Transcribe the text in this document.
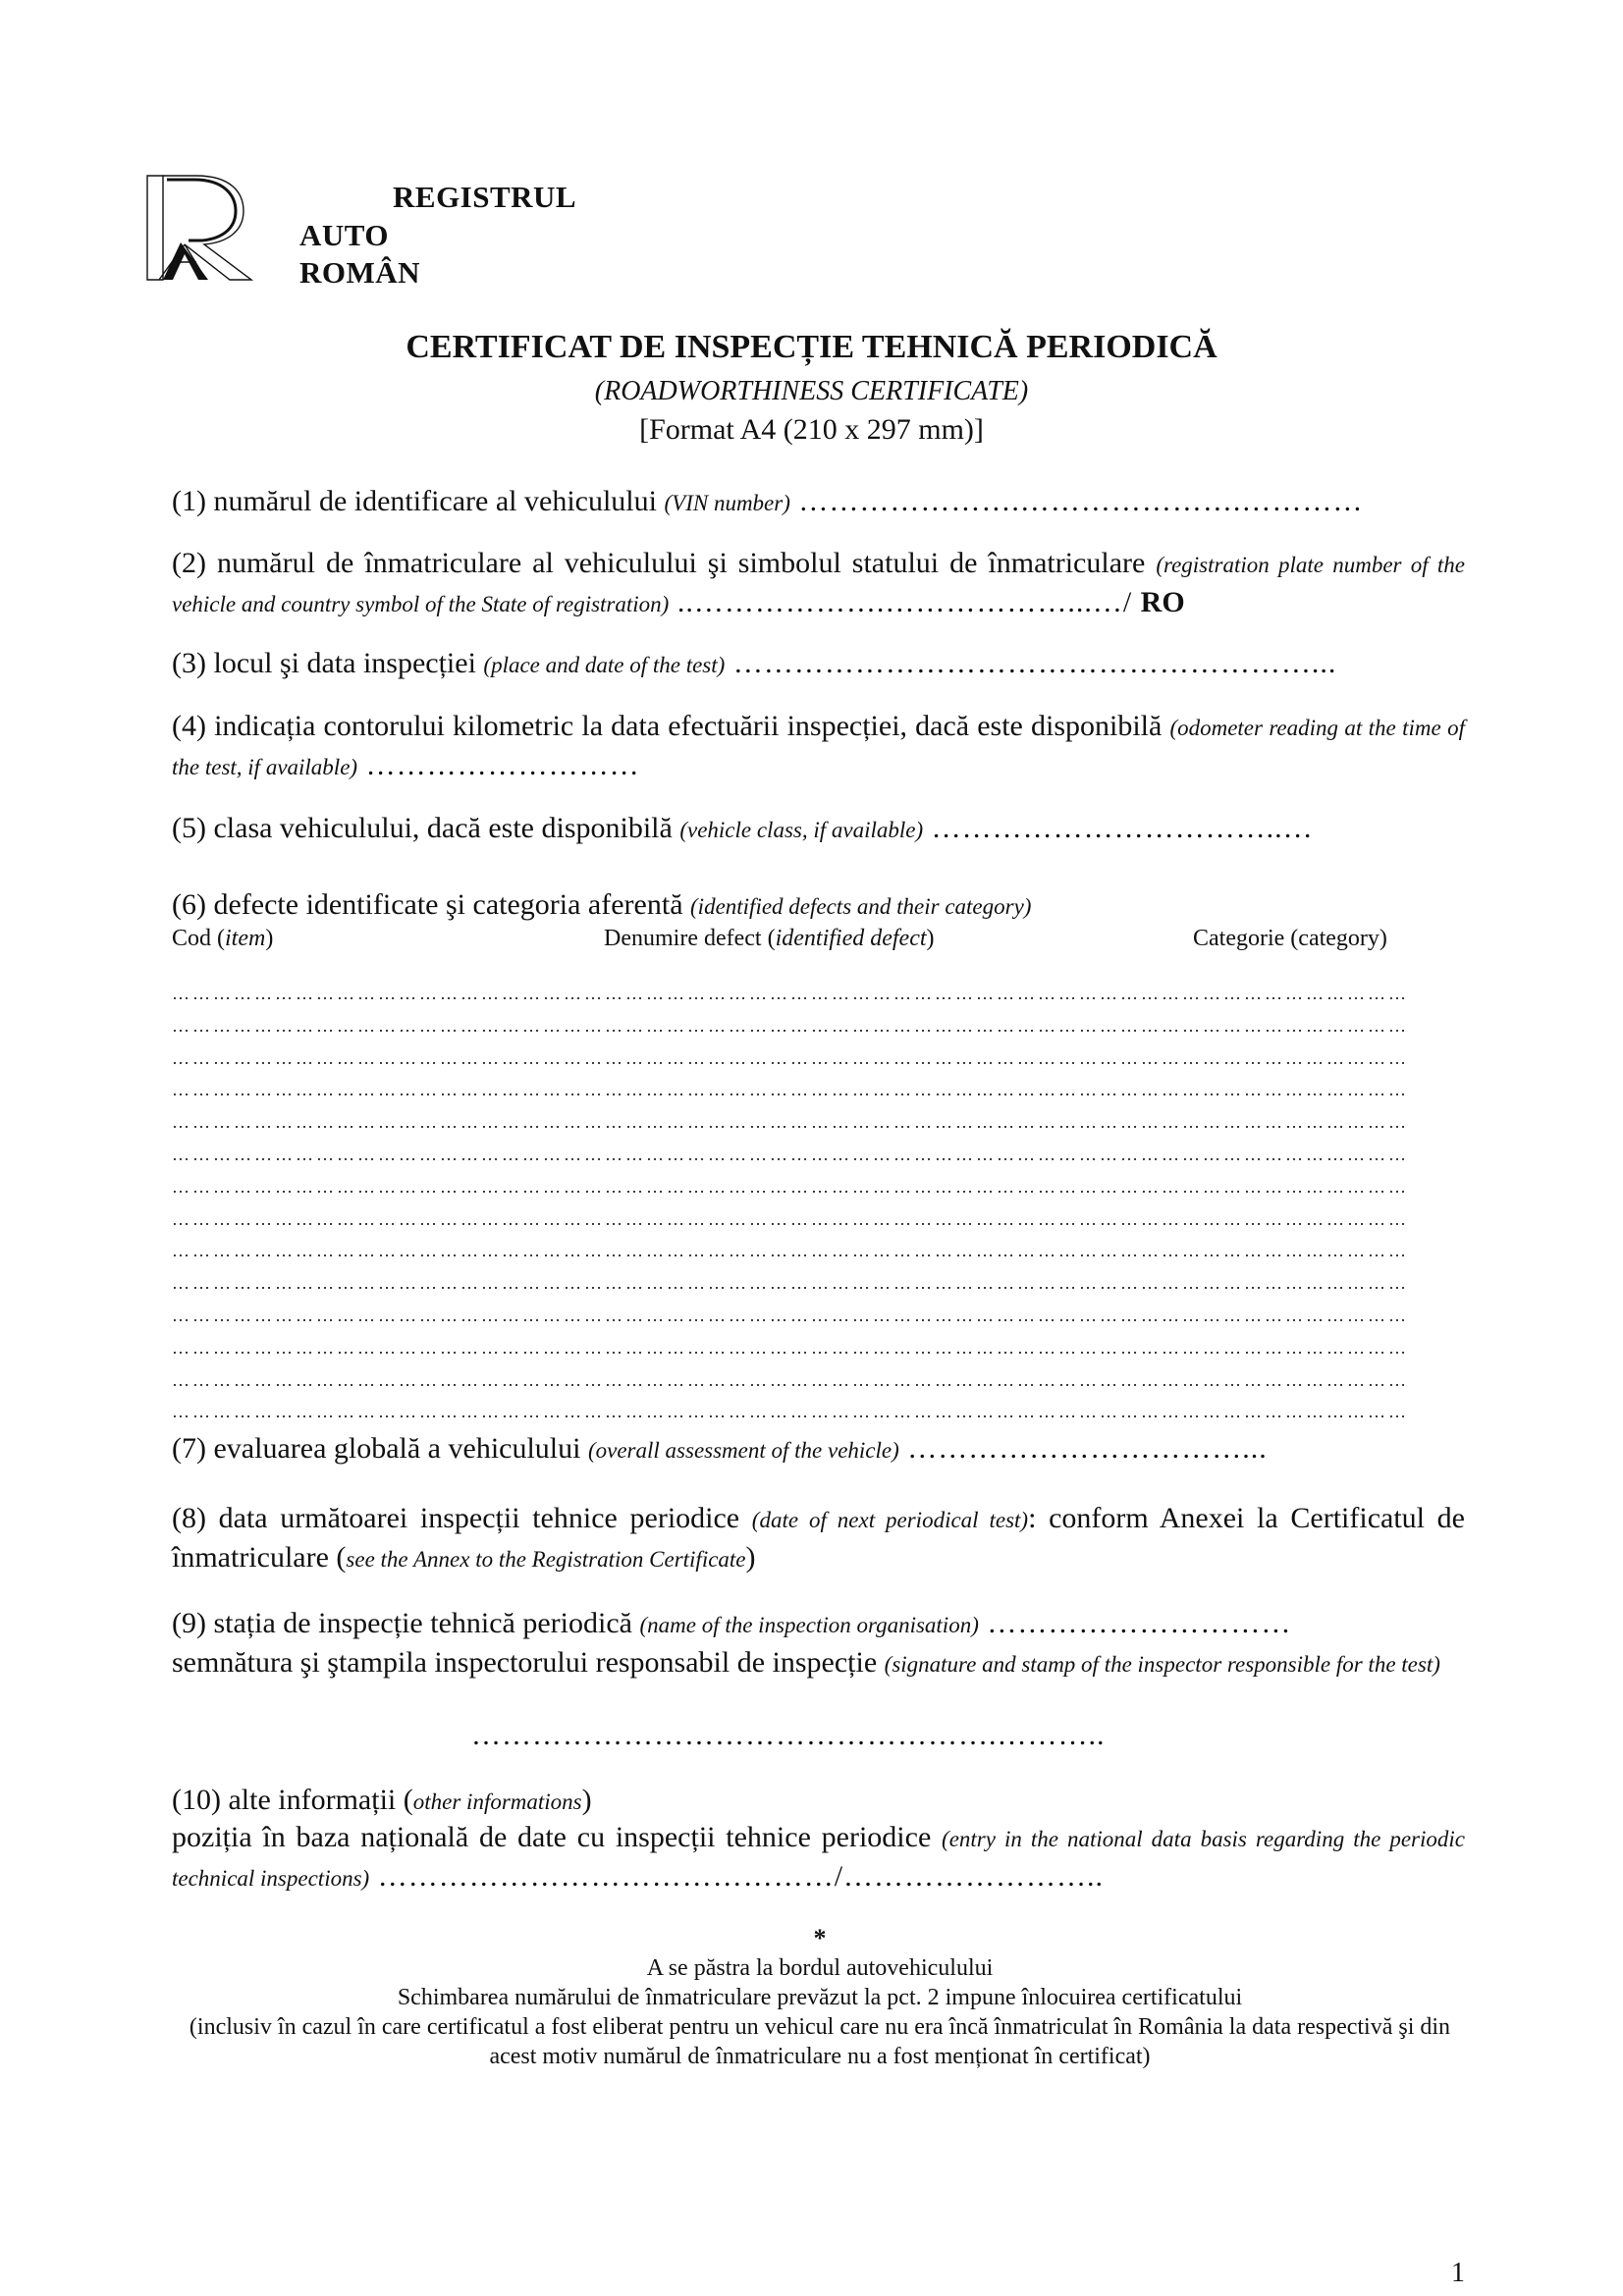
REGISTRUL
AUTO
ROMÂN
CERTIFICAT DE INSPECȚIE TEHNICĂ PERIODICĂ
(ROADWORTHINESS CERTIFICATE)
[Format A4 (210 x 297 mm)]
(1) numărul de identificare al vehiculului (VIN number) ………………….………………….…………
(2) numărul de înmatriculare al vehiculului şi simbolul statului de înmatriculare (registration plate number of the vehicle and country symbol of the State of registration) ..……………….………………...…/ RO
(3) locul şi data inspecției (place and date of the test) …………………………………………………...
(4) indicația contorului kilometric la data efectuării inspecției, dacă este disponibilă (odometer reading at the time of the test, if available) ………………………
(5) clasa vehiculului, dacă este disponibilă (vehicle class, if available) ……………………………..…
(6) defecte identificate şi categoria aferentă (identified defects and their category)
Cod (item)	Denumire defect (identified defect)	Categorie (category)
………………………………………………………………………………………………………………………………………………………………
………………………………………………………………………………………………………………………………………………………………
………………………………………………………………………………………………………………………………………………………………
………………………………………………………………………………………………………………………………………………………………
………………………………………………………………………………………………………………………………………………………………
………………………………………………………………………………………………………………………………………………………………
………………………………………………………………………………………………………………………………………………………………
………………………………………………………………………………………………………………………………………………………………
………………………………………………………………………………………………………………………………………………………………
………………………………………………………………………………………………………………………………………………………………
………………………………………………………………………………………………………………………………………………………………
………………………………………………………………………………………………………………………………………………………………
………………………………………………………………………………………………………………………………………………………………
………………………………………………………………………………………………………………………………………………………………
(7) evaluarea globală a vehiculului (overall assessment of the vehicle) ……………………………...
(8) data următoarei inspecții tehnice periodice (date of next periodical test): conform Anexei la Certificatul de înmatriculare (see the Annex to the Registration Certificate)
(9) stația de inspecție tehnică periodică (name of the inspection organisation) …………………………
semnătura şi ştampila inspectorului responsabil de inspecție (signature and stamp of the inspector responsible for the test)
…………………………………………….………..
(10) alte informații (other informations)
poziția în baza națională de date cu inspecții tehnice periodice (entry in the national data basis regarding the periodic technical inspections) ………………………………………/……………………..
*
A se păstra la bordul autovehiculului
Schimbarea numărului de înmatriculare prevăzut la pct. 2 impune înlocuirea certificatului
(inclusiv în cazul în care certificatul a fost eliberat pentru un vehicul care nu era încă înmatriculat în România la data respectivă şi din acest motiv numărul de înmatriculare nu a fost menționat în certificat)
1
